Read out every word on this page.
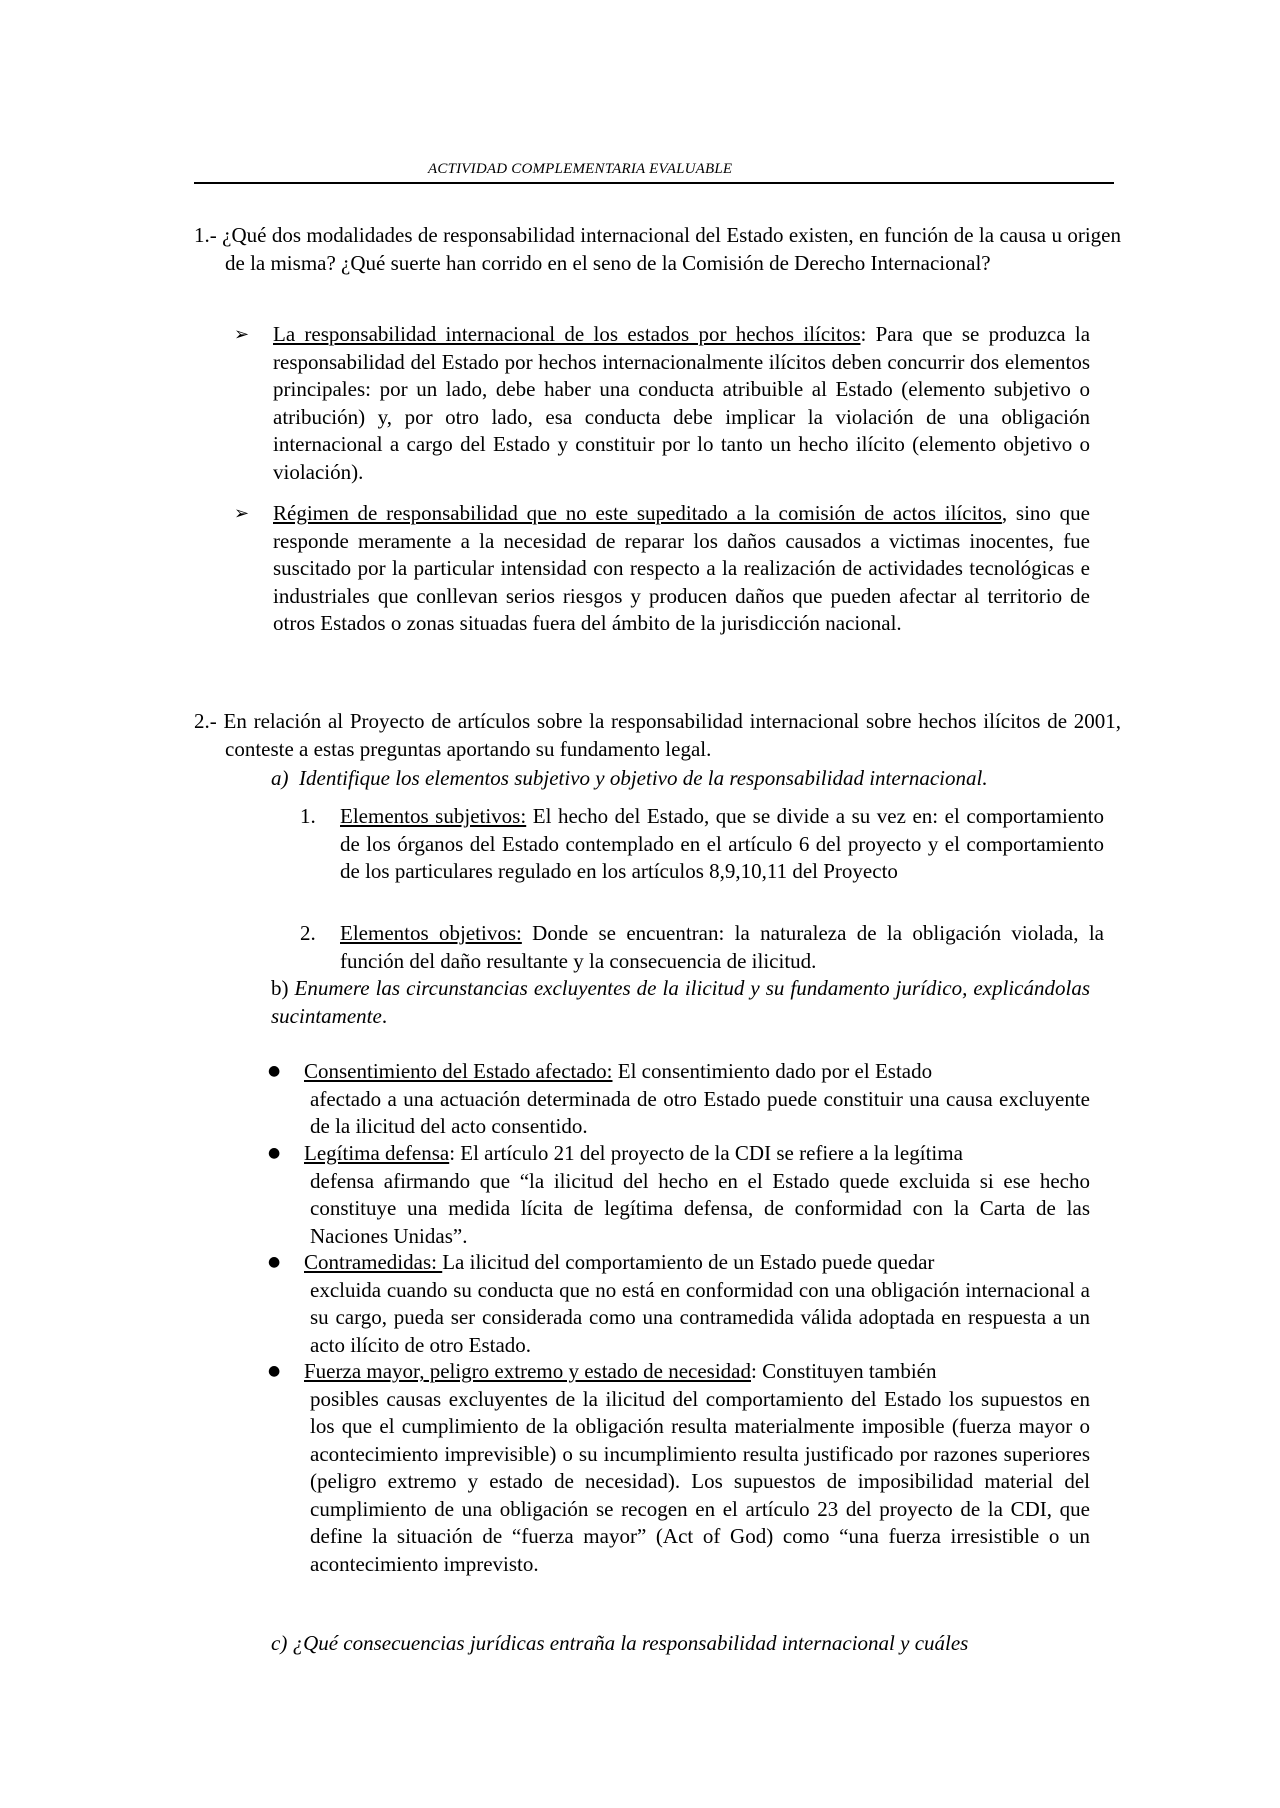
ACTIVIDAD COMPLEMENTARIA EVALUABLE
1.- ¿Qué dos modalidades de responsabilidad internacional del Estado existen, en función de la causa u origen de la misma? ¿Qué suerte han corrido en el seno de la Comisión de Derecho Internacional?
➢	La responsabilidad internacional de los estados por hechos ilícitos: Para que se produzca la responsabilidad del Estado por hechos internacionalmente ilícitos deben concurrir dos elementos principales: por un lado, debe haber una conducta atribuible al Estado (elemento subjetivo o atribución) y, por otro lado, esa conducta debe implicar la violación de una obligación internacional a cargo del Estado y constituir por lo tanto un hecho ilícito (elemento objetivo o violación).
➢	Régimen de responsabilidad que no este supeditado a la comisión de actos ilícitos, sino que responde meramente a la necesidad de reparar los daños causados a victimas inocentes, fue suscitado por la particular intensidad con respecto a la realización de actividades tecnológicas e industriales que conllevan serios riesgos y producen daños que pueden afectar al territorio de otros Estados o zonas situadas fuera del ámbito de la jurisdicción nacional.
2.- En relación al Proyecto de artículos sobre la responsabilidad internacional sobre hechos ilícitos de 2001, conteste a estas preguntas aportando su fundamento legal.
a) Identifique los elementos subjetivo y objetivo de la responsabilidad internacional.
1. Elementos subjetivos: El hecho del Estado, que se divide a su vez en: el comportamiento de los órganos del Estado contemplado en el artículo 6 del proyecto y el comportamiento de los particulares regulado en los artículos 8,9,10,11 del Proyecto
2. Elementos objetivos: Donde se encuentran: la naturaleza de la obligación violada, la función del daño resultante y la consecuencia de ilicitud.
b) Enumere las circunstancias excluyentes de la ilicitud y su fundamento jurídico, explicándolas sucintamente.
● Consentimiento del Estado afectado: El consentimiento dado por el Estado
afectado a una actuación determinada de otro Estado puede constituir una causa excluyente de la ilicitud del acto consentido.
● Legítima defensa: El artículo 21 del proyecto de la CDI se refiere a la legítima
defensa afirmando que “la ilicitud del hecho en el Estado quede excluida si ese hecho constituye una medida lícita de legítima defensa, de conformidad con la Carta de las Naciones Unidas”.
● Contramedidas: La ilicitud del comportamiento de un Estado puede quedar
excluida cuando su conducta que no está en conformidad con una obligación internacional a su cargo, pueda ser considerada como una contramedida válida adoptada en respuesta a un acto ilícito de otro Estado.
● Fuerza mayor, peligro extremo y estado de necesidad: Constituyen también
posibles causas excluyentes de la ilicitud del comportamiento del Estado los supuestos en los que el cumplimiento de la obligación resulta materialmente imposible (fuerza mayor o acontecimiento imprevisible) o su incumplimiento resulta justificado por razones superiores (peligro extremo y estado de necesidad). Los supuestos de imposibilidad material del cumplimiento de una obligación se recogen en el artículo 23 del proyecto de la CDI, que define la situación de “fuerza mayor” (Act of God) como “una fuerza irresistible o un acontecimiento imprevisto.
c) ¿Qué consecuencias jurídicas entraña la responsabilidad internacional y cuáles
